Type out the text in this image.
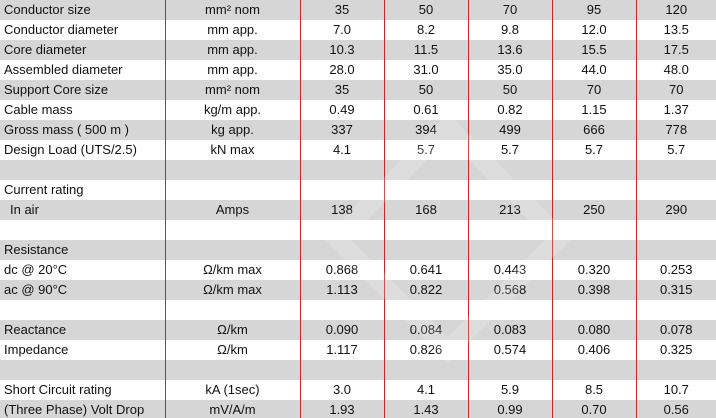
Conductor size	mm² nom	35	50	70	95	120
Conductor diameter	mm app.	7.0	8.2	9.8	12.0	13.5
Core diameter	mm app.	10.3	11.5	13.6	15.5	17.5
Assembled diameter	mm app.	28.0	31.0	35.0	44.0	48.0
Support Core size	mm² nom	35	50	50	70	70
Cable mass	kg/m app.	0.49	0.61	0.82	1.15	1.37
Gross mass ( 500 m )	kg app.	337	394	499	666	778
Design Load (UTS/2.5)	kN max	4.1	5.7	5.7	5.7	5.7

Current rating						
In air	Amps	138	168	213	250	290

Resistance						
dc @ 20°C	Ω/km max	0.868	0.641	0.443	0.320	0.253
ac @ 90°C	Ω/km max	1.113	0.822	0.568	0.398	0.315

Reactance	Ω/km	0.090	0.084	0.083	0.080	0.078
Impedance	Ω/km	1.117	0.826	0.574	0.406	0.325

Short Circuit rating	kA (1sec)	3.0	4.1	5.9	8.5	10.7
(Three Phase) Volt Drop	mV/A/m	1.93	1.43	0.99	0.70	0.56
